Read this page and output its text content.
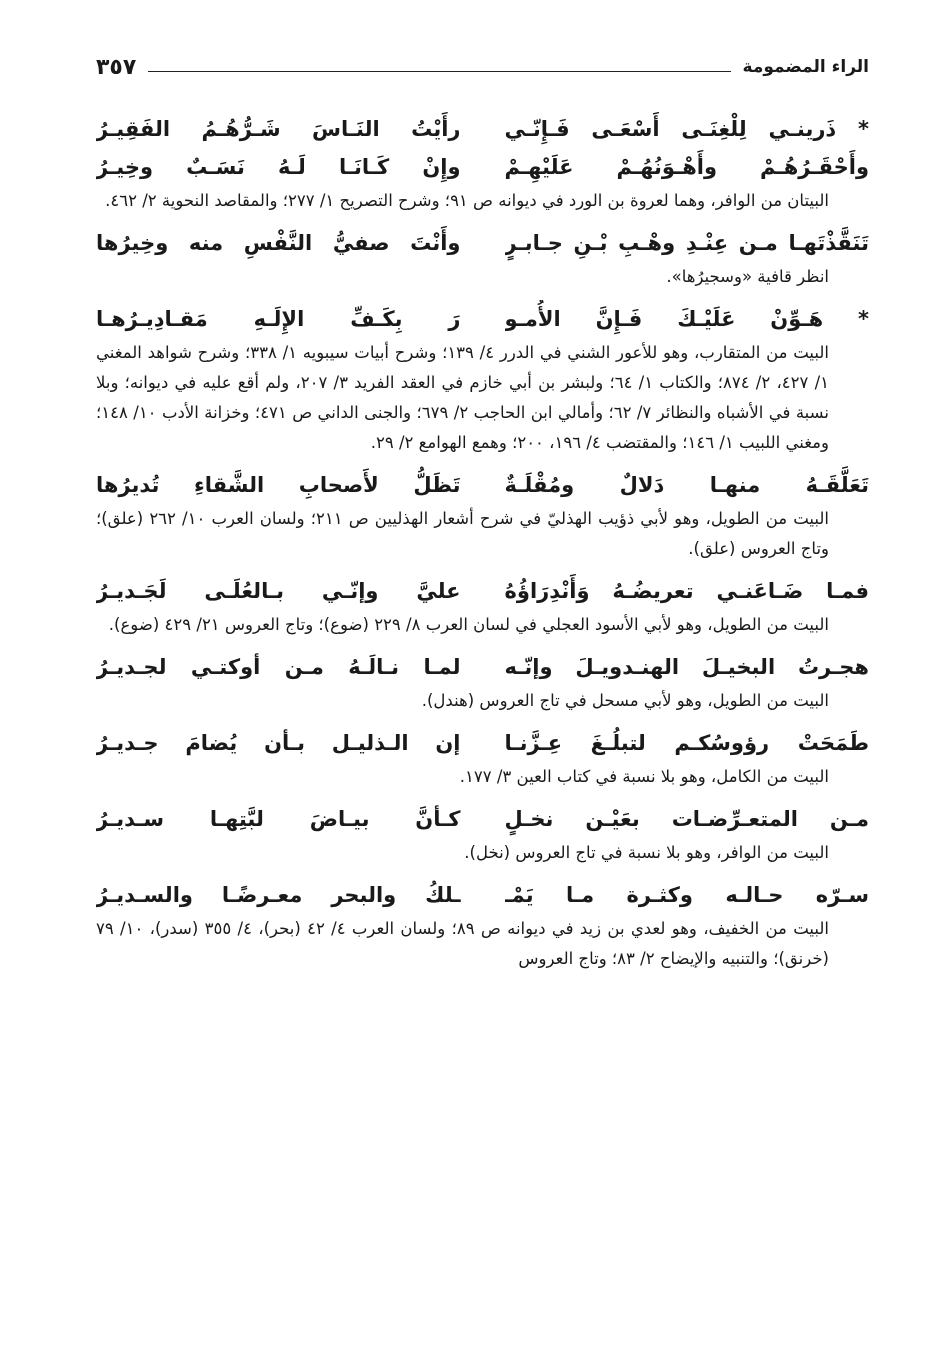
الراء المضمومة
٣٥٧
* ذَرينـي لِلْغِنَـى أَسْعَـى فَـإِنّـي
رأَيْتُ النَـاسَ شَـرُّهُـمُ الفَقِيـرُ
وأَحْقَـرُهُـمْ وأَهْـوَنُهُـمْ عَلَيْهِـمْ
وإِنْ كَـانَـا لَـهُ نَسَـبٌ وخِيـرُ
البيتان من الوافر، وهما لعروة بن الورد في ديوانه ص ٩١؛ وشرح التصريح ١/ ٢٧٧؛ والمقاصد النحوية ٢/ ٤٦٢.
تَنَقَّذْتَهـا مـن عِنْـدِ وهْـبِ بْـنِ جـابـرٍ
وأَنْتَ صفيُّ النَّفْسِ منه وخِيرُها
انظر قافية «وسجيرُها».
* هَـوِّنْ عَلَيْـكَ فَـإِنَّ الأُمـو
رَ بِكَـفِّ الإِلَـهِ مَقـادِيـرُهـا
البيت من المتقارب، وهو للأعور الشني في الدرر ٤/ ١٣٩؛ وشرح أبيات سيبويه ١/ ٣٣٨؛ وشرح شواهد المغني ١/ ٤٢٧، ٢/ ٨٧٤؛ والكتاب ١/ ٦٤؛ ولبشر بن أبي خازم في العقد الفريد ٣/ ٢٠٧، ولم أقع عليه في ديوانه؛ وبلا نسبة في الأشباه والنظائر ٧/ ٦٢؛ وأمالي ابن الحاجب ٢/ ٦٧٩؛ والجنى الداني ص ٤٧١؛ وخزانة الأدب ١٠/ ١٤٨؛ ومغني اللبيب ١/ ١٤٦؛ والمقتضب ٤/ ١٩٦، ٢٠٠؛ وهمع الهوامع ٢/ ٢٩.
تَعَلَّقَـهُ منهـا دَلالٌ ومُقْلَـةٌ
تَظَلُّ لأَصحابِ الشَّقاءِ تُديرُها
البيت من الطويل، وهو لأبي ذؤيب الهذليّ في شرح أشعار الهذليين ص ٢١١؛ ولسان العرب ١٠/ ٢٦٢ (علق)؛ وتاج العروس (علق).
فمـا ضَـاعَنـي تعريضُـهُ وَأَنْدِرَاؤُهُ
عليَّ وإنّـي بـالعُلَـى لَجَـديـرُ
البيت من الطويل، وهو لأبي الأسود العجلي في لسان العرب ٨/ ٢٢٩ (ضوع)؛ وتاج العروس ٢١/ ٤٢٩ (ضوع).
هجـرتُ البخيـلَ الهنـدويـلَ وإنّـه
لمـا نـالَـهُ مـن أوكتـي لجـديـرُ
البيت من الطويل، وهو لأبي مسحل في تاج العروس (هندل).
طَمَحَتْ رؤوسُكـم لتبلُـغَ عِـزَّنـا
إن الـذليـل بـأن يُضامَ جـديـرُ
البيت من الكامل، وهو بلا نسبة في كتاب العين ٣/ ١٧٧.
مـن المتعـرِّضـات بعَيْـن نخـلٍ
كـأنَّ بيـاضَ لبَّتِهـا سـديـرُ
البيت من الوافر، وهو بلا نسبة في تاج العروس (نخل).
سـرّه حـالـه وكثـرة مـا يَمْـ
ـلكُ والبحر معـرضًـا والسـديـرُ
البيت من الخفيف، وهو لعدي بن زيد في ديوانه ص ٨٩؛ ولسان العرب ٤/ ٤٢ (بحر)، ٤/ ٣٥٥ (سدر)، ١٠/ ٧٩ (خرنق)؛ والتنبيه والإيضاح ٢/ ٨٣؛ وتاج العروس
